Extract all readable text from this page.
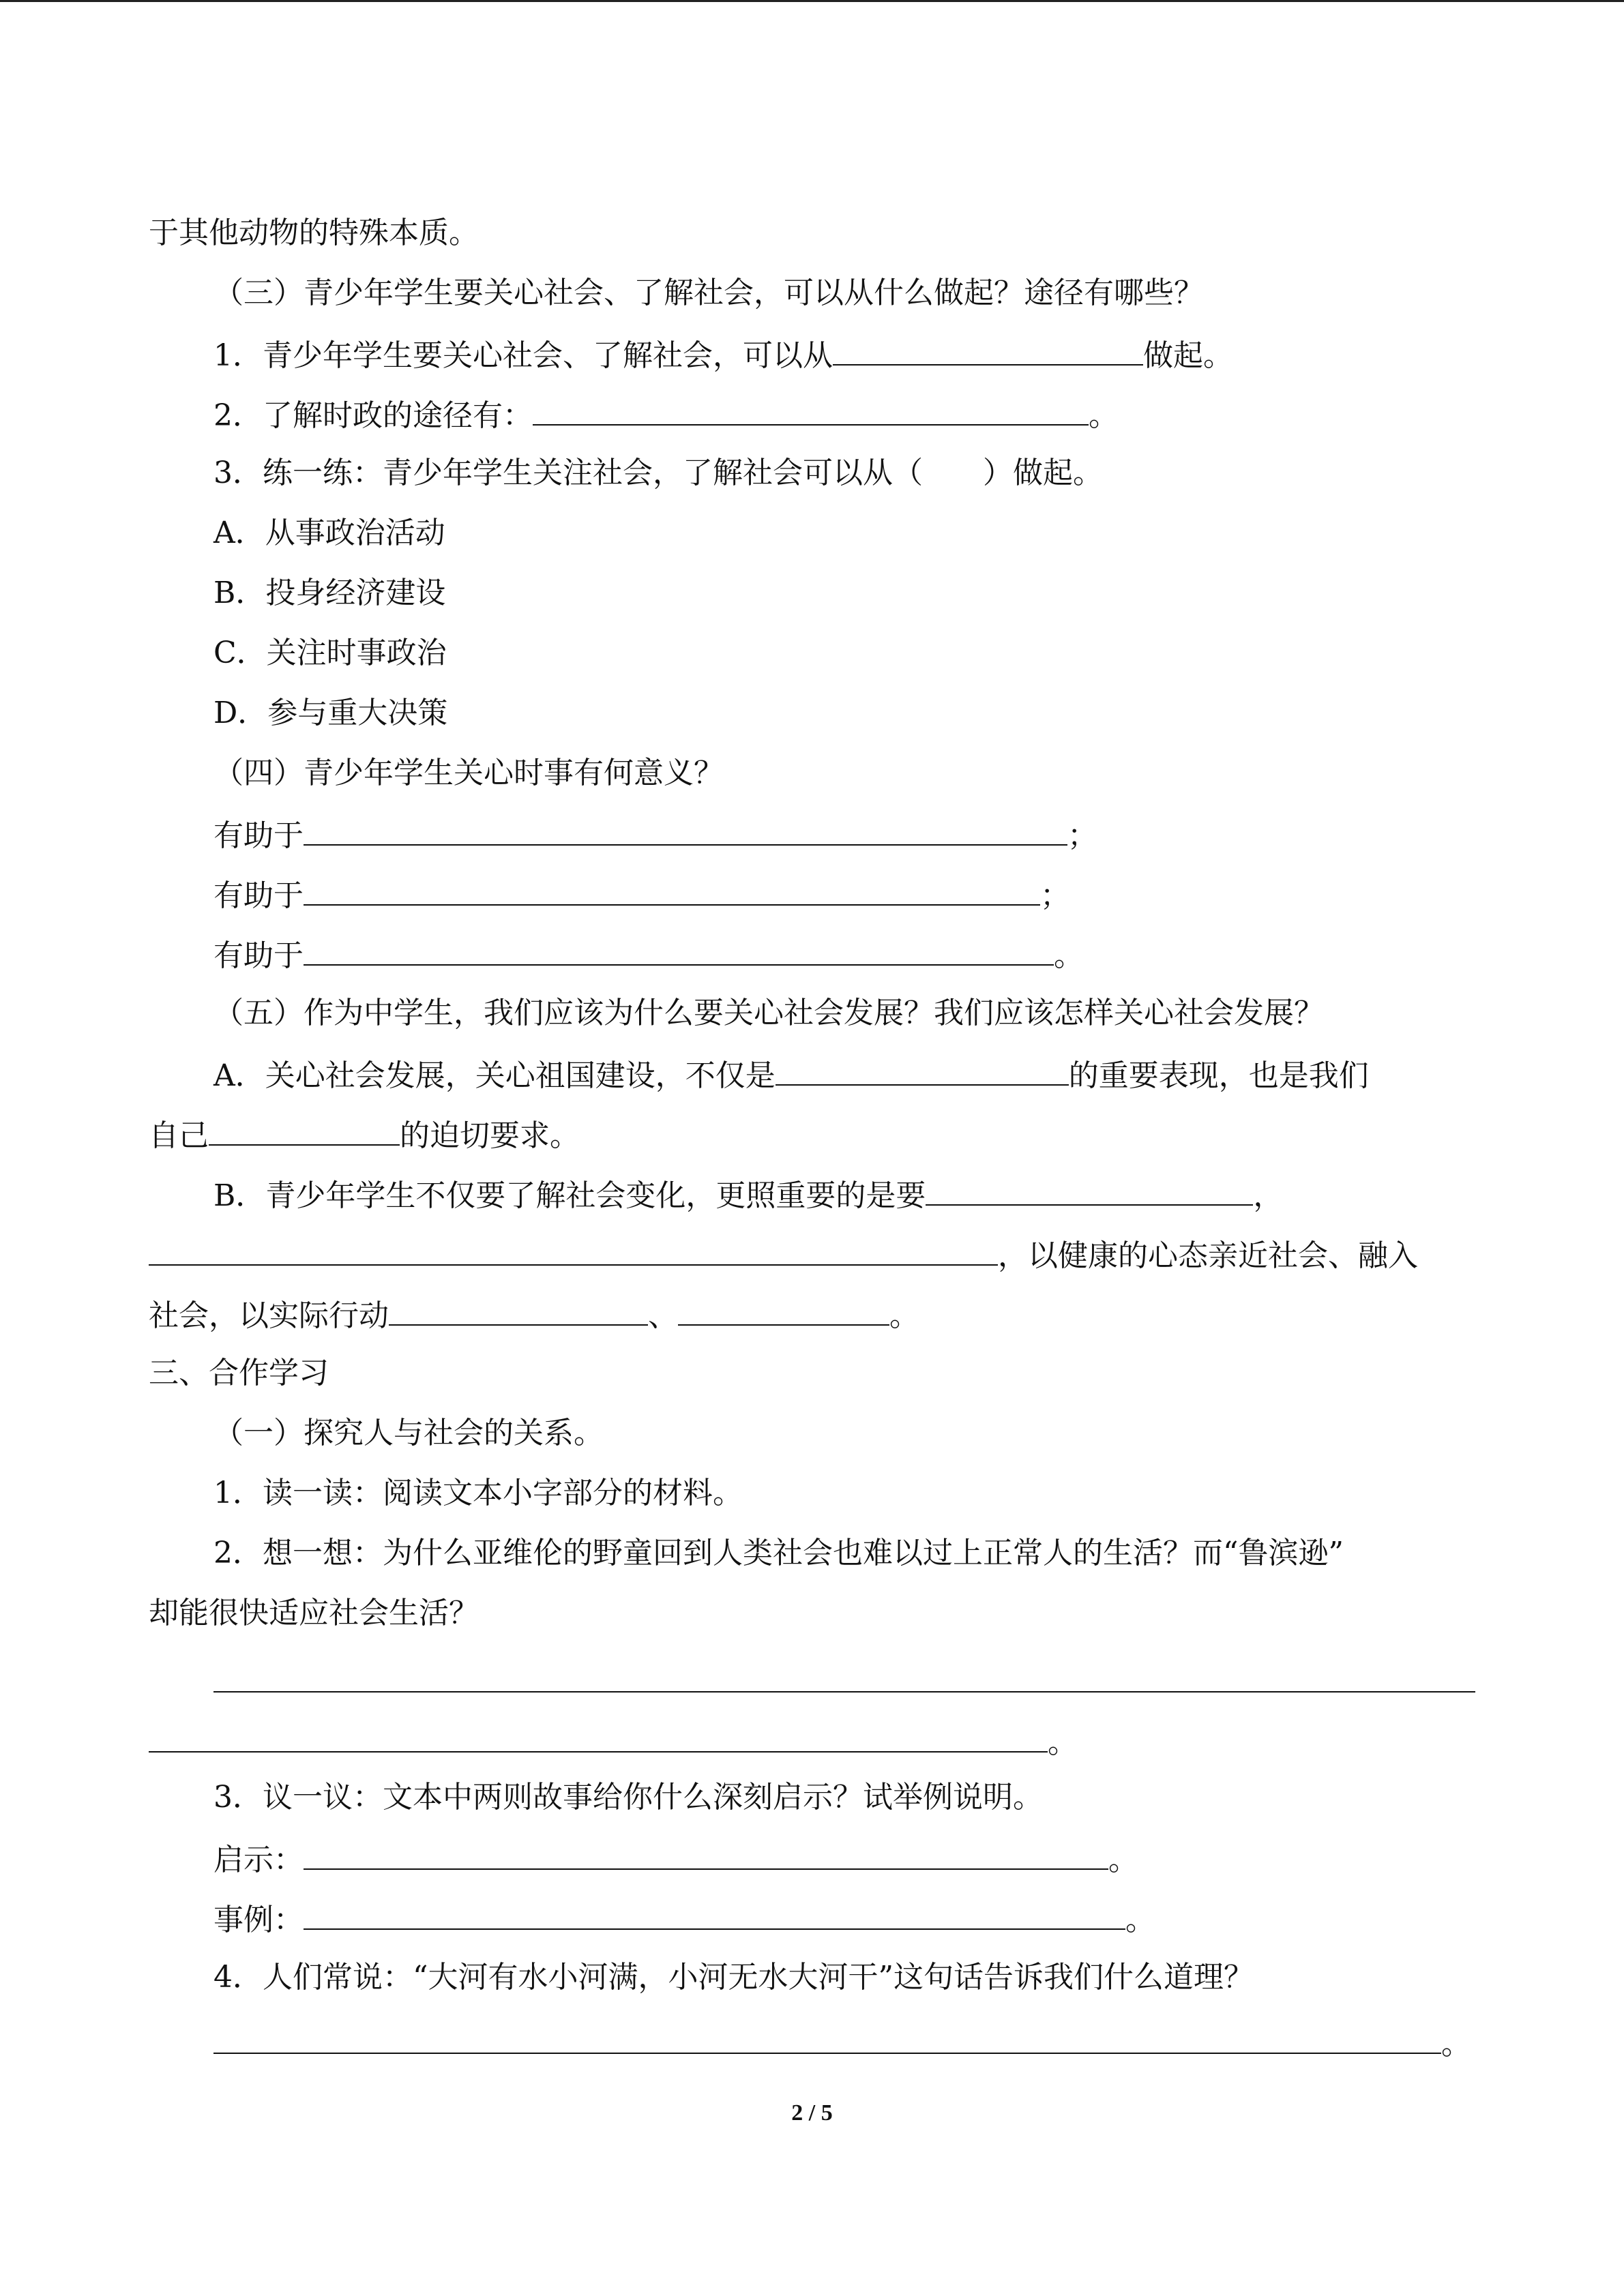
于其他动物的特殊本质。
（三）青少年学生要关心社会、了解社会，可以从什么做起？途径有哪些？
1．青少年学生要关心社会、了解社会，可以从	做起。
2．了解时政的途径有：	。
3．练一练：青少年学生关注社会，了解社会可以从（　　）做起。
A．从事政治活动
B．投身经济建设
C．关注时事政治
D．参与重大决策
（四）青少年学生关心时事有何意义？
有助于	；
有助于	；
有助于	。
（五）作为中学生，我们应该为什么要关心社会发展？我们应该怎样关心社会发展？
A．关心社会发展，关心祖国建设，不仅是	的重要表现，也是我们
自己	的迫切要求。
B．青少年学生不仅要了解社会变化，更照重要的是要	，
，以健康的心态亲近社会、融入
社会，以实际行动	、	。
三、合作学习
（一）探究人与社会的关系。
1．读一读：阅读文本小字部分的材料。
2．想一想：为什么亚维伦的野童回到人类社会也难以过上正常人的生活？而“鲁滨逊”
却能很快适应社会生活？
。
3．议一议：文本中两则故事给你什么深刻启示？试举例说明。
启示：	。
事例：	。
4．人们常说：“大河有水小河满，小河无水大河干”这句话告诉我们什么道理？
。
2 / 5
